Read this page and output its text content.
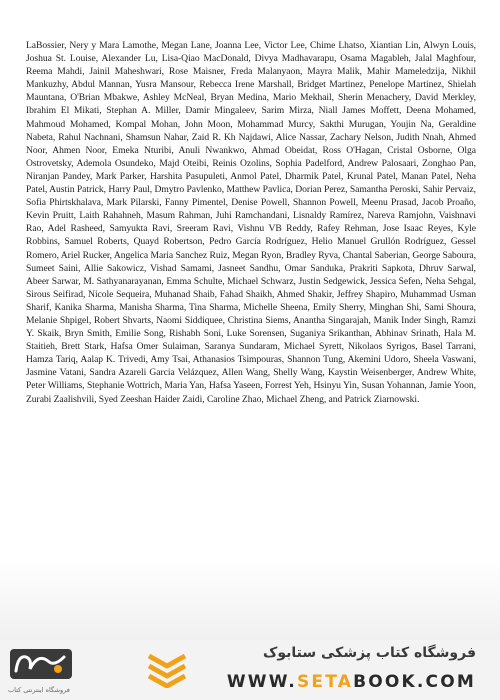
LaBossier, Nery y Mara Lamothe, Megan Lane, Joanna Lee, Victor Lee, Chime Lhatso, Xiantian Lin, Alwyn Louis, Joshua St. Louise, Alexander Lu, Lisa-Qiao MacDonald, Divya Madhavarapu, Osama Magableh, Jalal Maghfour, Reema Mahdi, Jainil Maheshwari, Rose Maisner, Freda Malanyaon, Mayra Malik, Mahir Mameledzija, Nikhil Mankuzhy, Abdul Mannan, Yusra Mansour, Rebecca Irene Marshall, Bridget Martinez, Penelope Martinez, Shielah Mauntana, O'Brian Mbakwe, Ashley McNeal, Bryan Medina, Mario Mekhail, Sherin Menachery, David Merkley, Ibrahim El Mikati, Stephan A. Miller, Damir Mingaleev, Sarim Mirza, Niall James Moffett, Deena Mohamed, Mahmoud Mohamed, Kompal Mohan, John Moon, Mohammad Murcy, Sakthi Murugan, Youjin Na, Geraldine Nabeta, Rahul Nachnani, Shamsun Nahar, Zaid R. Kh Najdawi, Alice Nassar, Zachary Nelson, Judith Nnah, Ahmed Noor, Ahmen Noor, Emeka Nturibi, Anuli Nwankwo, Ahmad Obeidat, Ross O'Hagan, Cristal Osborne, Olga Ostrovetsky, Ademola Osundeko, Majd Oteibi, Reinis Ozolins, Sophia Padelford, Andrew Palosaari, Zonghao Pan, Niranjan Pandey, Mark Parker, Harshita Pasupuleti, Anmol Patel, Dharmik Patel, Krunal Patel, Manan Patel, Neha Patel, Austin Patrick, Harry Paul, Dmytro Pavlenko, Matthew Pavlica, Dorian Perez, Samantha Peroski, Sahir Pervaiz, Sofia Phirtskhalava, Mark Pilarski, Fanny Pimentel, Denise Powell, Shannon Powell, Meenu Prasad, Jacob Proaño, Kevin Pruitt, Laith Rahahneh, Masum Rahman, Juhi Ramchandani, Lisnaldy Ramírez, Nareva Ramjohn, Vaishnavi Rao, Adel Rasheed, Samyukta Ravi, Sreeram Ravi, Vishnu VB Reddy, Rafey Rehman, Jose Isaac Reyes, Kyle Robbins, Samuel Roberts, Quayd Robertson, Pedro García Rodríguez, Helio Manuel Grullón Rodríguez, Gessel Romero, Ariel Rucker, Angelica Maria Sanchez Ruiz, Megan Ryon, Bradley Ryva, Chantal Saberian, George Saboura, Sumeet Saini, Allie Sakowicz, Vishad Samami, Jasneet Sandhu, Omar Sanduka, Prakriti Sapkota, Dhruv Sarwal, Abeer Sarwar, M. Sathyanarayanan, Emma Schulte, Michael Schwarz, Justin Sedgewick, Jessica Sefen, Neha Sehgal, Sirous Seifirad, Nicole Sequeira, Muhanad Shaib, Fahad Shaikh, Ahmed Shakir, Jeffrey Shapiro, Muhammad Usman Sharif, Kanika Sharma, Manisha Sharma, Tina Sharma, Michelle Sheena, Emily Sherry, Minghan Shi, Sami Shoura, Melanie Shpigel, Robert Shvarts, Naomi Siddiquee, Christina Siems, Anantha Singarajah, Manik Inder Singh, Ramzi Y. Skaik, Bryn Smith, Emilie Song, Rishabh Soni, Luke Sorensen, Suganiya Srikanthan, Abhinav Srinath, Hala M. Staitieh, Brett Stark, Hafsa Omer Sulaiman, Saranya Sundaram, Michael Syrett, Nikolaos Syrigos, Basel Tarrani, Hamza Tariq, Aalap K. Trivedi, Amy Tsai, Athanasios Tsimpouras, Shannon Tung, Akemini Udoro, Sheela Vaswani, Jasmine Vatani, Sandra Azareli Garcia Velázquez, Allen Wang, Shelly Wang, Kaystin Weisenberger, Andrew White, Peter Williams, Stephanie Wottrich, Maria Yan, Hafsa Yaseen, Forrest Yeh, Hsinyu Yin, Susan Yohannan, Jamie Yoon, Zurabi Zaalishvili, Syed Zeeshan Haider Zaidi, Caroline Zhao, Michael Zheng, and Patrick Ziarnowski.

فروشگاه اینترنتی کتاب
فروشگاه کتاب پزشکی ستابوک
WWW.SETABOOK.COM
